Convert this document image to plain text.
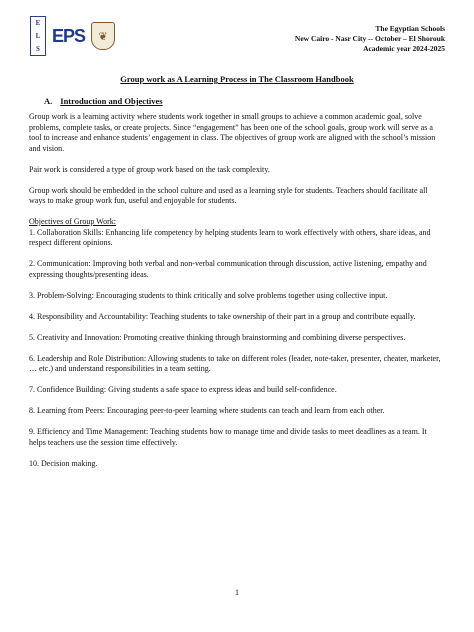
E
L
S
EPS	❦
The Egyptian Schools
New Cairo - Nasr City -- October – El Shorouk
Academic year 2024-2025
Group work as A Learning Process in The Classroom Handbook
A. Introduction and Objectives

Group work is a learning activity where students work together in small groups to achieve a common academic goal, solve problems, complete tasks, or create projects. Since “engagement” has been one of the school goals, group work will serve as a tool to increase and enhance students’ engagement in class. The objectives of group work are aligned with the school’s mission and vision.

Pair work is considered a type of group work based on the task complexity.

Group work should be embedded in the school culture and used as a learning style for students. Teachers should facilitate all ways to make group work fun, useful and enjoyable for students.

Objectives of Group Work:

1. Collaboration Skills: Enhancing life competency by helping students learn to work effectively with others, share ideas, and respect different opinions.

2. Communication: Improving both verbal and non-verbal communication through discussion, active listening, empathy and expressing thoughts/presenting ideas.

3. Problem-Solving: Encouraging students to think critically and solve problems together using collective input.

4. Responsibility and Accountability: Teaching students to take ownership of their part in a group and contribute equally.

5. Creativity and Innovation: Promoting creative thinking through brainstorming and combining diverse perspectives.

6. Leadership and Role Distribution: Allowing students to take on different roles (leader, note-taker, presenter, cheater, marketer, … etc.) and understand responsibilities in a team setting.

7. Confidence Building: Giving students a safe space to express ideas and build self-confidence.

8. Learning from Peers: Encouraging peer-to-peer learning where students can teach and learn from each other.

9. Efficiency and Time Management: Teaching students how to manage time and divide tasks to meet deadlines as a team. It helps teachers use the session time effectively.

10. Decision making.

1
